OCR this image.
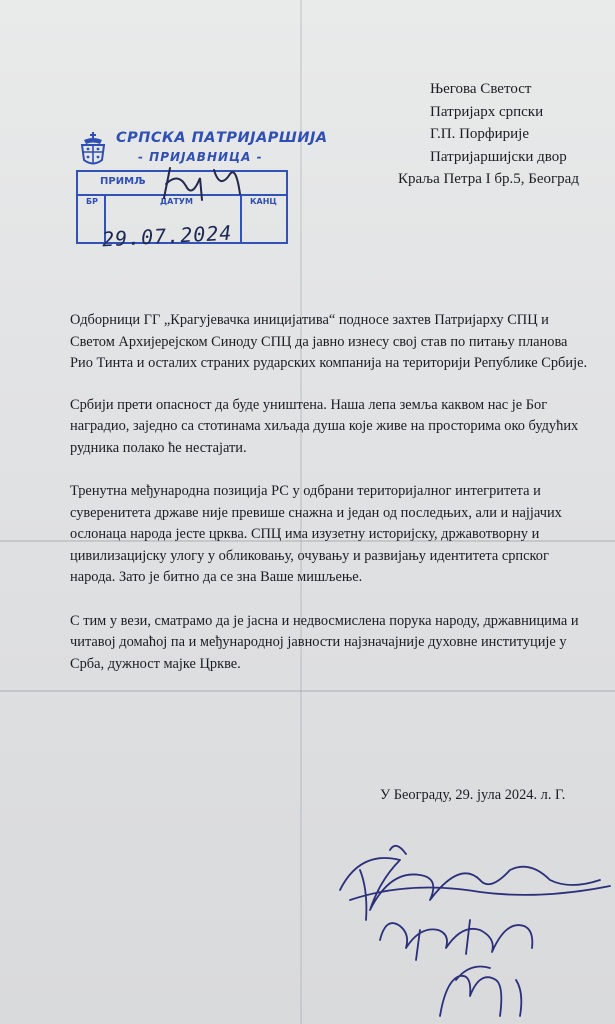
Његова Светост
Патријарх српски
Г.П. Порфирије
Патријаршијски двор
Краља Петра I бр.5, Београд
СРПСКА ПАТРИЈАРШИЈА
- ПРИЈАВНИЦА -
ПРИМЉ
БР	ДАТУМ	КАНЦ
29.07.2024

Одборници ГГ „Крагујевачка иницијатива“ подносе захтев Патријарху СПЦ и Светом Архијерејском Синоду СПЦ да јавно изнесу свој став по питању планова Рио Тинта и осталих страних рударских компанија на територији Републике Србије.

Србији прети опасност да буде уништена. Наша лепа земља каквом нас је Бог наградио, заједно са стотинама хиљада душа које живе на просторима око будућих рудника полако ће нестајати.

Тренутна међународна позиција РС у одбрани територијалног интегритета и суверенитета државе није превише снажна и један од последњих, али и најјачих ослонаца народа јесте црква. СПЦ има изузетну историјску, државотворну и цивилизацијску улогу у обликовању, очувању и развијању идентитета српског народа. Зато је битно да се зна Ваше мишљење.

С тим у вези, сматрамо да је јасна и недвосмислена порука народу, државницима и читавој домаћој па и међународној јавности најзначајније духовне институције у Срба, дужност мајке Цркве.

У Београду, 29. јула 2024. л. Г.
